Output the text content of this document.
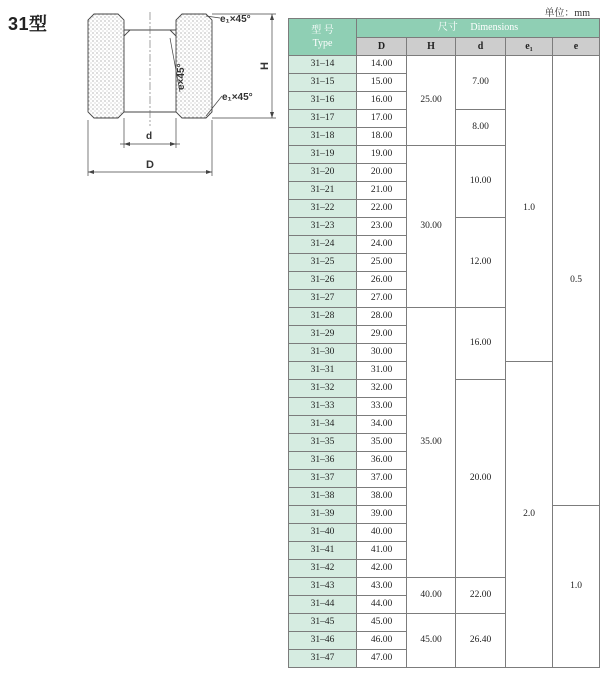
31型
单位：mm
e₁×45°
e₁×45°
e×45°	H
d
D
型 号
Type	尺寸 Dimensions				
	D	H	d	e₁	e
31–14	14.00	25.00	7.00	1.0	0.5
31–15	15.00				
31–16	16.00				
31–17	17.00		8.00		
31–18	18.00				
31–19	19.00	30.00	10.00		
31–20	20.00				
31–21	21.00				
31–22	22.00				
31–23	23.00		12.00		
31–24	24.00				
31–25	25.00				
31–26	26.00				
31–27	27.00				
31–28	28.00	35.00	16.00		
31–29	29.00				
31–30	30.00				
31–31	31.00			2.0	
31–32	32.00		20.00		
31–33	33.00				
31–34	34.00				
31–35	35.00				
31–36	36.00				
31–37	37.00				
31–38	38.00				
31–39	39.00				1.0
31–40	40.00				
31–41	41.00				
31–42	42.00				
31–43	43.00	40.00	22.00		
31–44	44.00				
31–45	45.00	45.00	26.40		
31–46	46.00				
31–47	47.00				
